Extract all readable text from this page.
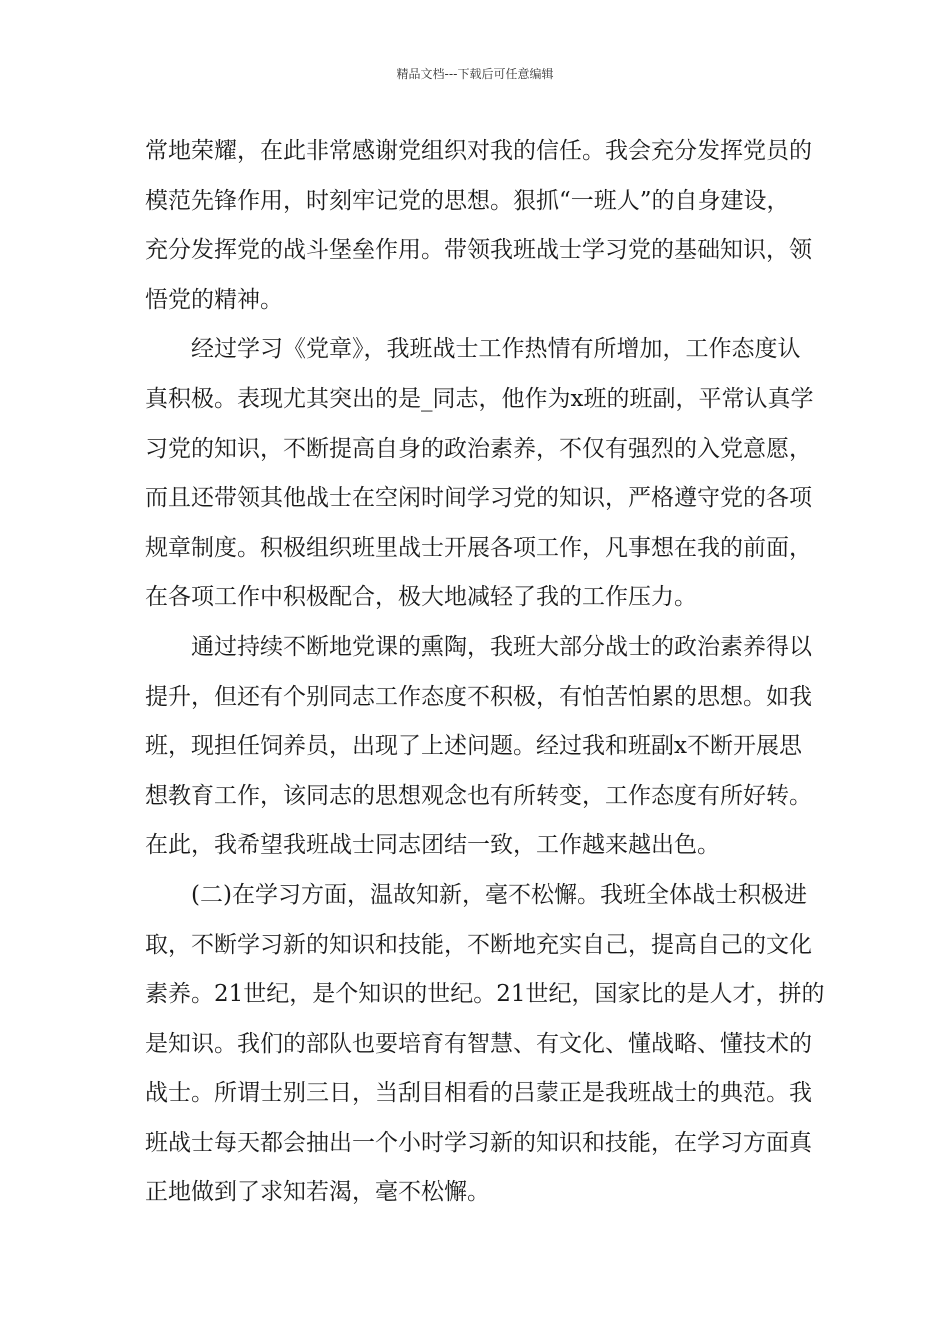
精品文档---下载后可任意编辑
常地荣耀，在此非常感谢党组织对我的信任。我会充分发挥党员的
模范先锋作用，时刻牢记党的思想。狠抓“一班人”的自身建设，
充分发挥党的战斗堡垒作用。带领我班战士学习党的基础知识，领
悟党的精神。
经过学习《党章》，我班战士工作热情有所增加，工作态度认
真积极。表现尤其突出的是_同志，他作为x班的班副，平常认真学
习党的知识，不断提高自身的政治素养，不仅有强烈的入党意愿，
而且还带领其他战士在空闲时间学习党的知识，严格遵守党的各项
规章制度。积极组织班里战士开展各项工作，凡事想在我的前面，
在各项工作中积极配合，极大地减轻了我的工作压力。
通过持续不断地党课的熏陶，我班大部分战士的政治素养得以
提升，但还有个别同志工作态度不积极，有怕苦怕累的思想。如我
班，现担任饲养员，出现了上述问题。经过我和班副x不断开展思
想教育工作，该同志的思想观念也有所转变，工作态度有所好转。
在此，我希望我班战士同志团结一致，工作越来越出色。
(二)在学习方面，温故知新，毫不松懈。我班全体战士积极进
取，不断学习新的知识和技能，不断地充实自己，提高自己的文化
素养。21世纪，是个知识的世纪。21世纪，国家比的是人才，拼的
是知识。我们的部队也要培育有智慧、有文化、懂战略、懂技术的
战士。所谓士别三日，当刮目相看的吕蒙正是我班战士的典范。我
班战士每天都会抽出一个小时学习新的知识和技能，在学习方面真
正地做到了求知若渴，毫不松懈。
